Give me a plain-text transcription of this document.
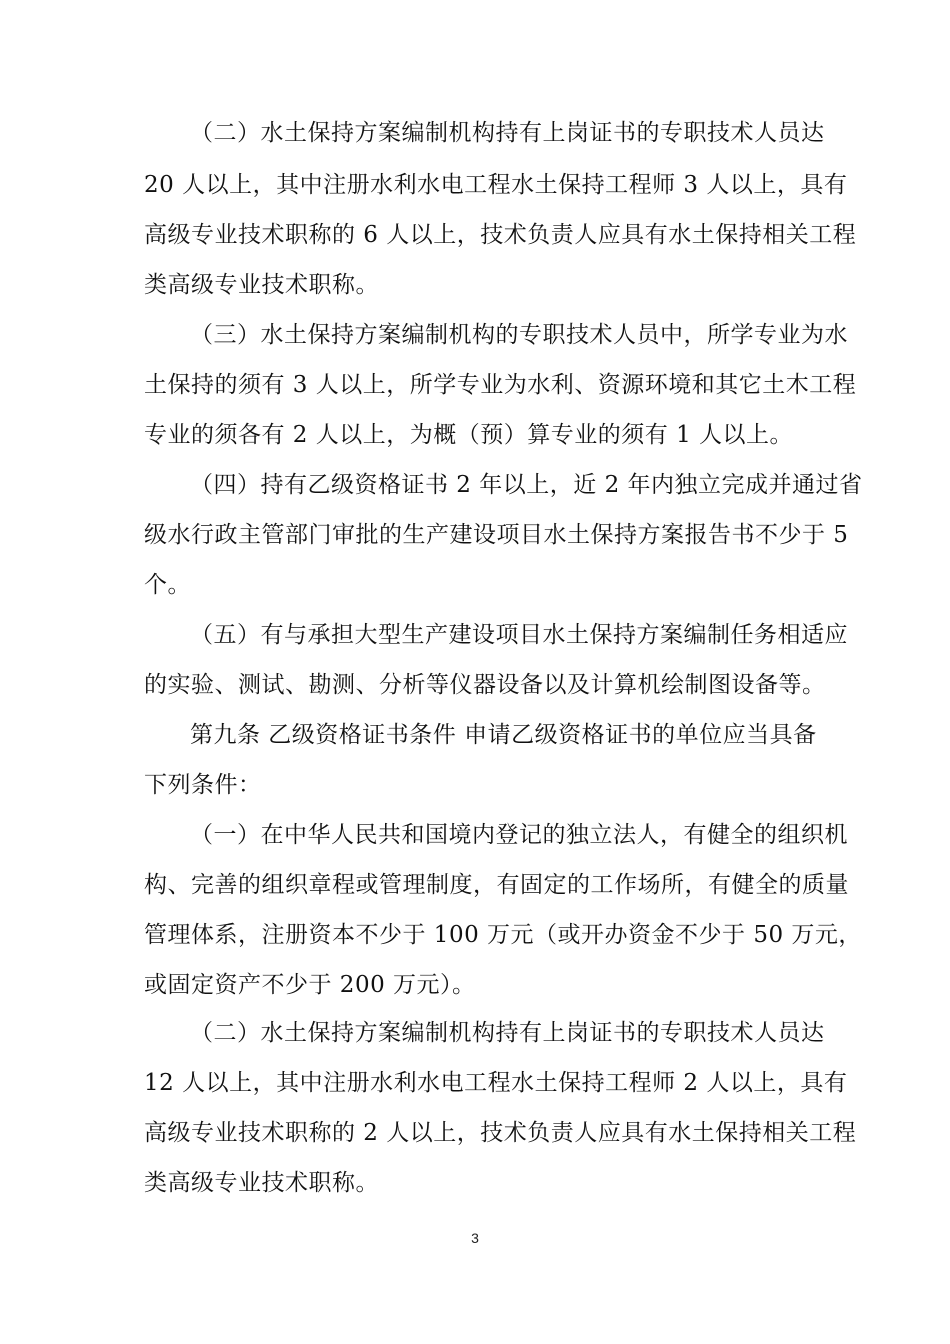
（二）水土保持方案编制机构持有上岗证书的专职技术人员达
20 人以上，其中注册水利水电工程水土保持工程师 3 人以上，具有
高级专业技术职称的 6 人以上，技术负责人应具有水土保持相关工程
类高级专业技术职称。
（三）水土保持方案编制机构的专职技术人员中，所学专业为水
土保持的须有 3 人以上，所学专业为水利、资源环境和其它土木工程
专业的须各有 2 人以上，为概（预）算专业的须有 1 人以上。
（四）持有乙级资格证书 2 年以上，近 2 年内独立完成并通过省
级水行政主管部门审批的生产建设项目水土保持方案报告书不少于 5
个。
（五）有与承担大型生产建设项目水土保持方案编制任务相适应
的实验、测试、勘测、分析等仪器设备以及计算机绘制图设备等。
第九条 乙级资格证书条件 申请乙级资格证书的单位应当具备
下列条件：
（一）在中华人民共和国境内登记的独立法人，有健全的组织机
构、完善的组织章程或管理制度，有固定的工作场所，有健全的质量
管理体系，注册资本不少于 100 万元（或开办资金不少于 50 万元，
或固定资产不少于 200 万元）。
（二）水土保持方案编制机构持有上岗证书的专职技术人员达
12 人以上，其中注册水利水电工程水土保持工程师 2 人以上，具有
高级专业技术职称的 2 人以上，技术负责人应具有水土保持相关工程
类高级专业技术职称。
3
